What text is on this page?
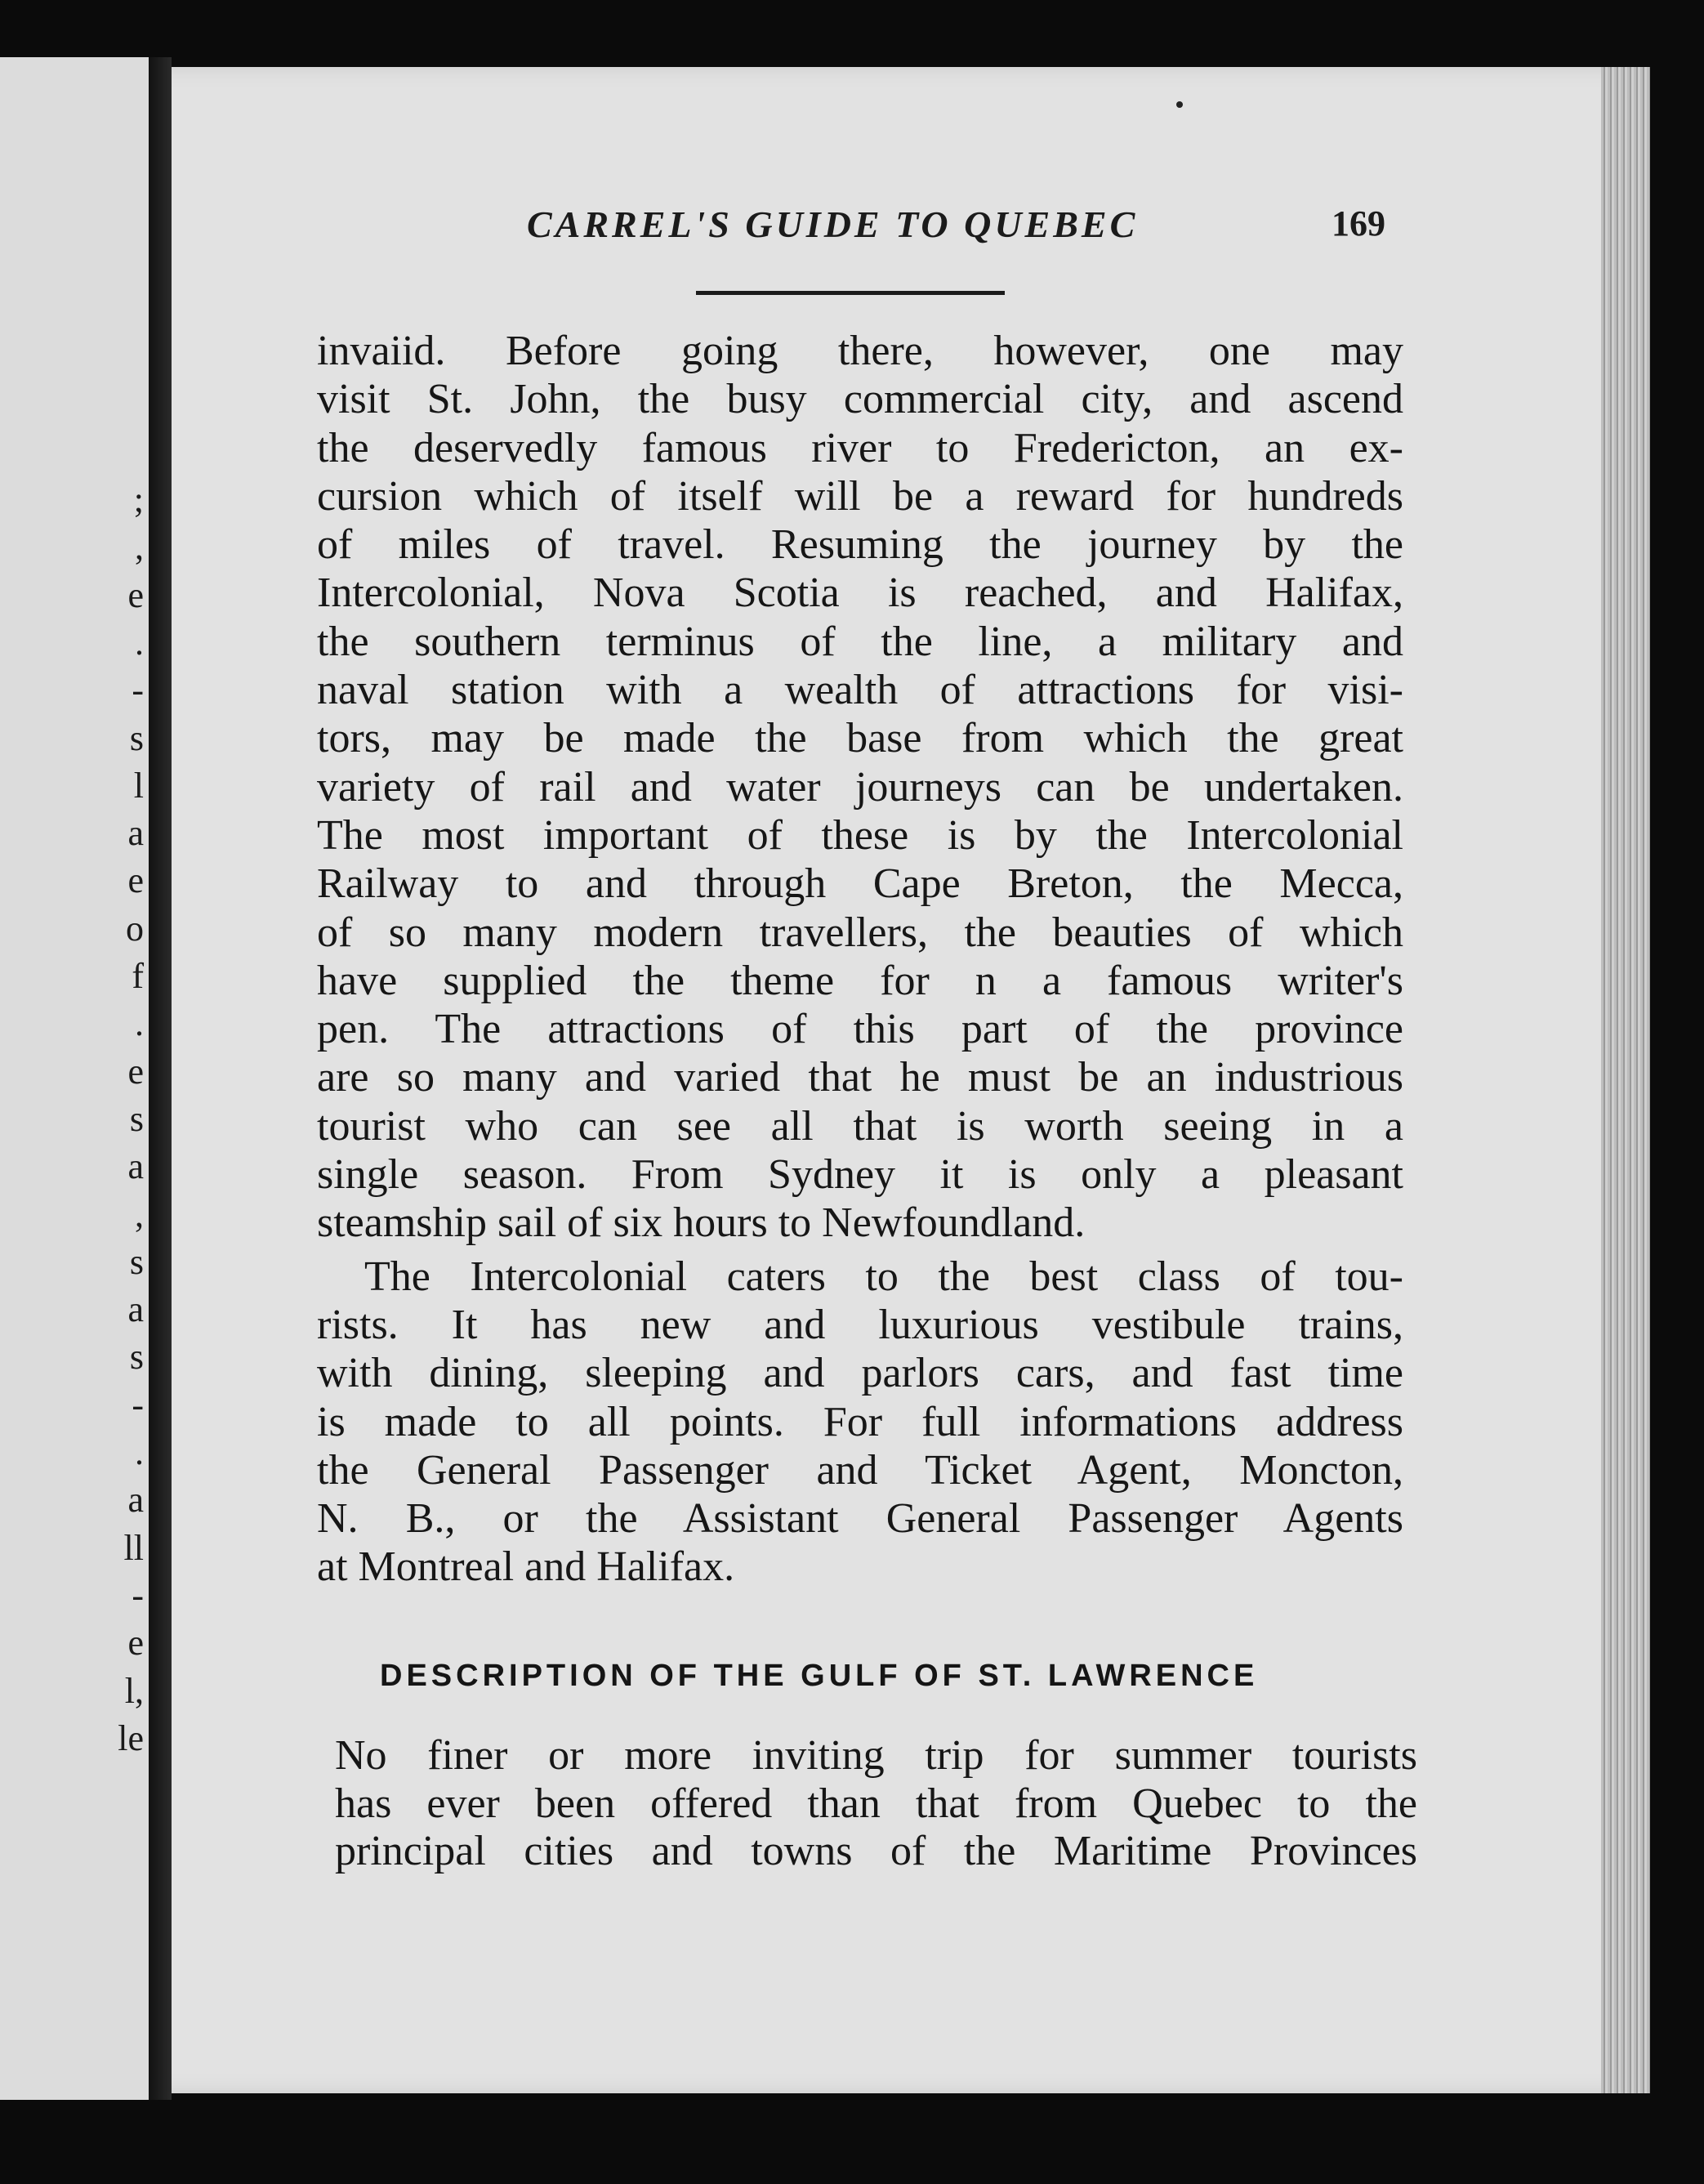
;
,
e
.
-
s
l
a
e
o
f
.
e
s
a
,
s
a
s
-
.
a
ll
-
e
l,
le
CARREL'S GUIDE TO QUEBEC	169
invaiid. Before going there, however, one may
visit St. John, the busy commercial city, and ascend
the deservedly famous river to Fredericton, an ex-
cursion which of itself will be a reward for hundreds
of miles of travel. Resuming the journey by the
Intercolonial, Nova Scotia is reached, and Halifax,
the southern terminus of the line, a military and
naval station with a wealth of attractions for visi-
tors, may be made the base from which the great
variety of rail and water journeys can be undertaken.
The most important of these is by the Intercolonial
Railway to and through Cape Breton, the Mecca,
of so many modern travellers, the beauties of which
have supplied the theme for n a famous writer's
pen. The attractions of this part of the province
are so many and varied that he must be an industrious
tourist who can see all that is worth seeing in a
single season. From Sydney it is only a pleasant
steamship sail of six hours to Newfoundland.
The Intercolonial caters to the best class of tou-
rists. It has new and luxurious vestibule trains,
with dining, sleeping and parlors cars, and fast time
is made to all points. For full informations address
the General Passenger and Ticket Agent, Moncton,
N. B., or the Assistant General Passenger Agents
at Montreal and Halifax.
DESCRIPTION OF THE GULF OF ST. LAWRENCE
No finer or more inviting trip for summer tourists
has ever been offered than that from Quebec to the
principal cities and towns of the Maritime Provinces
